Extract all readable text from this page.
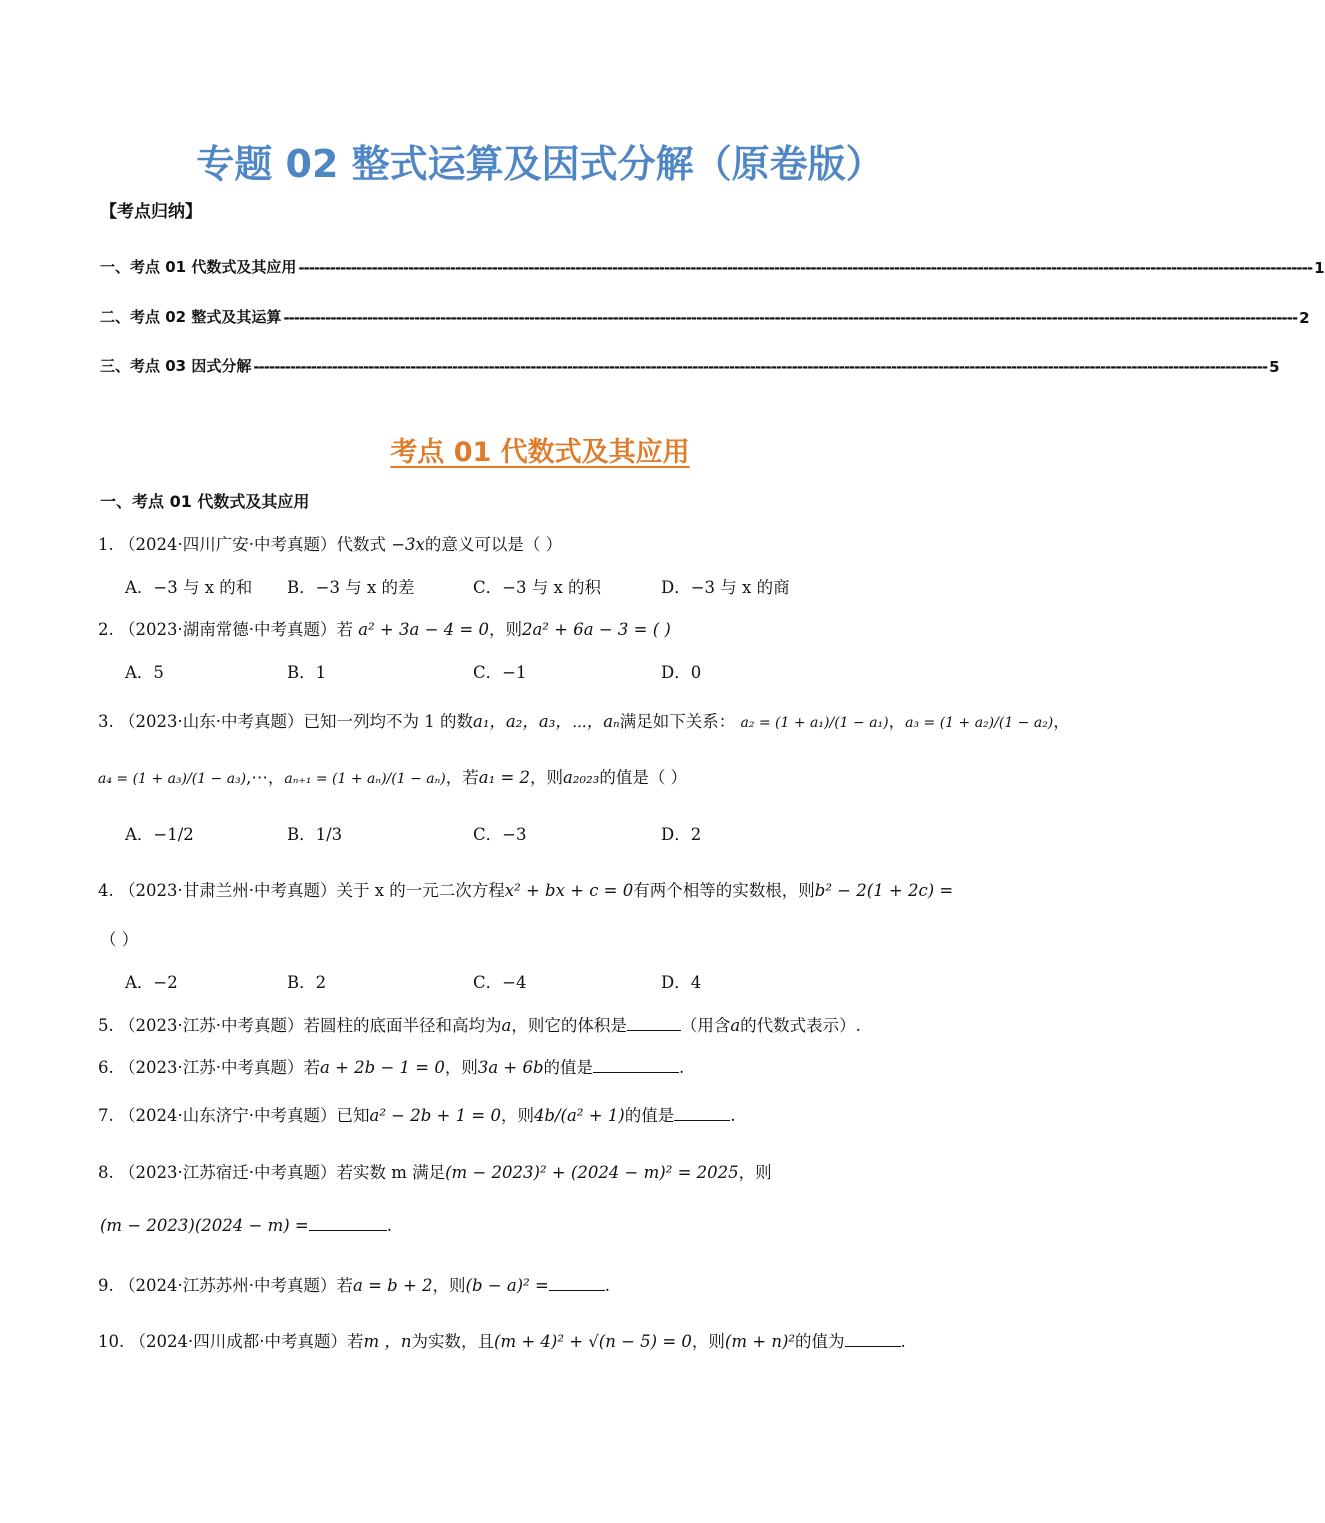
专题 02 整式运算及因式分解（原卷版）
【考点归纳】
一、考点 01 代数式及其应用 -------------------------------------------------------------------------------------------------------------------------------------------------------------------------------------------------- 1
二、考点 02 整式及其运算 -------------------------------------------------------------------------------------------------------------------------------------------------------------------------------------------------- 2
三、考点 03 因式分解 -------------------------------------------------------------------------------------------------------------------------------------------------------------------------------------------------- 5
考点 01 代数式及其应用
一、考点 01 代数式及其应用
1. （2024·四川广安·中考真题）代数式 −3x的意义可以是（ ）
A．−3 与 x 的和 B．−3 与 x 的差	C．−3 与 x 的积	D．−3 与 x 的商
2. （2023·湖南常德·中考真题）若 a² + 3a − 4 = 0，则2a² + 6a − 3 = ( )
A．5	B．1	C．−1	D．0
3. （2023·山东·中考真题）已知一列均不为 1 的数a₁，a₂，a₃，⋯，aₙ满足如下关系： a₂ = (1 + a₁)/(1 − a₁)，a₃ = (1 + a₂)/(1 − a₂)，
a₄ = (1 + a₃)/(1 − a₃),⋯，aₙ₊₁ = (1 + aₙ)/(1 − aₙ)，若a₁ = 2，则a₂₀₂₃的值是（ ）
A．−1/2	B．1/3	C．−3	D．2
4. （2023·甘肃兰州·中考真题）关于 x 的一元二次方程x² + bx + c = 0有两个相等的实数根，则b² − 2(1 + 2c) =
（ ）
A．−2	B．2	C．−4	D．4
5. （2023·江苏·中考真题）若圆柱的底面半径和高均为a，则它的体积是	（用含a的代数式表示）.
6. （2023·江苏·中考真题）若a + 2b − 1 = 0，则3a + 6b的值是	.
7. （2024·山东济宁·中考真题）已知a² − 2b + 1 = 0，则4b/(a² + 1)的值是	.
8. （2023·江苏宿迁·中考真题）若实数 m 满足(m − 2023)² + (2024 − m)² = 2025，则
(m − 2023)(2024 − m) =	.
9. （2024·江苏苏州·中考真题）若a = b + 2，则(b − a)² =	.
10. （2024·四川成都·中考真题）若m ，n为实数，且(m + 4)² + √(n − 5) = 0，则(m + n)²的值为	.
